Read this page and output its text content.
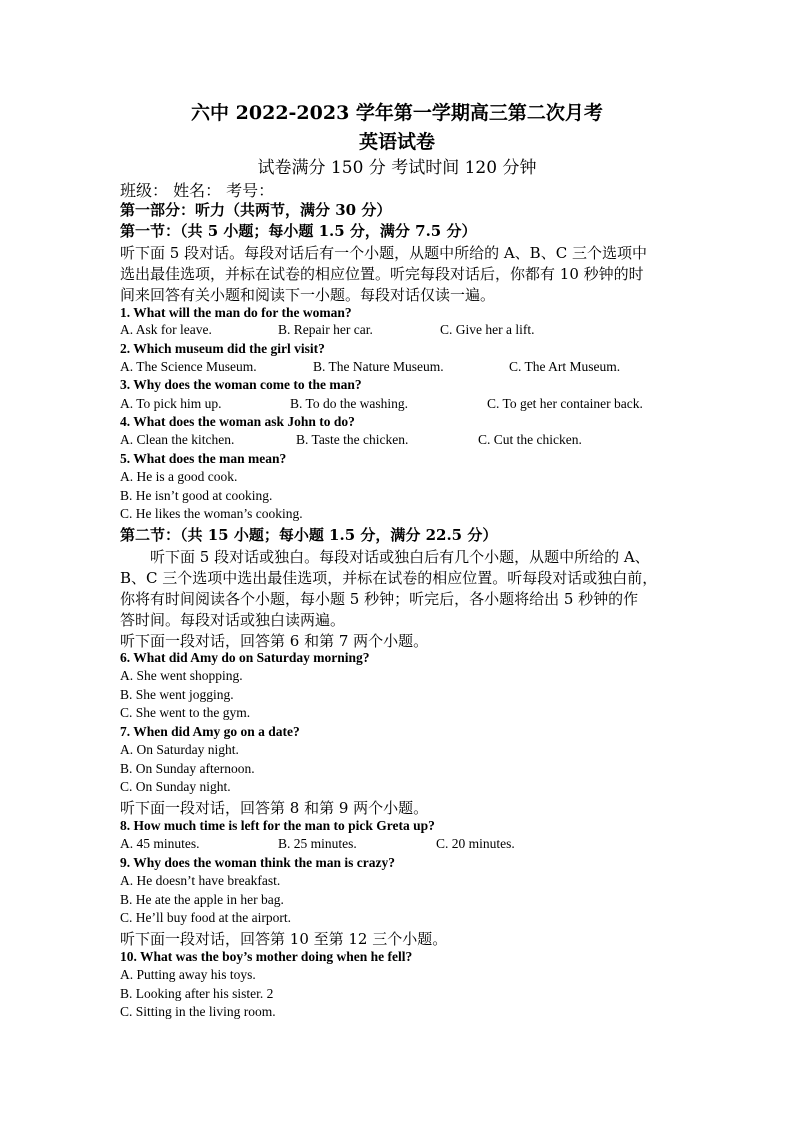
六中 2022-2023 学年第一学期高三第二次月考
英语试卷
试卷满分 150 分 考试时间 120 分钟
班级： 姓名： 考号：
第一部分：听力（共两节，满分 30 分）
第一节：（共 5 小题；每小题 1.5 分，满分 7.5 分）
听下面 5 段对话。每段对话后有一个小题，从题中所给的 A、B、C 三个选项中
选出最佳选项，并标在试卷的相应位置。听完每段对话后，你都有 10 秒钟的时
间来回答有关小题和阅读下一小题。每段对话仅读一遍。
1. What will the man do for the woman?
A. Ask for leave.	B. Repair her car.	C. Give her a lift.
2. Which museum did the girl visit?
A. The Science Museum.	B. The Nature Museum.	C. The Art Museum.
3. Why does the woman come to the man?
A. To pick him up.	B. To do the washing.	C. To get her container back.
4. What does the woman ask John to do?
A. Clean the kitchen.	B. Taste the chicken.	C. Cut the chicken.
5. What does the man mean?
A. He is a good cook.
B. He isn’t good at cooking.
C. He likes the woman’s cooking.
第二节：（共 15 小题；每小题 1.5 分，满分 22.5 分）
听下面 5 段对话或独白。每段对话或独白后有几个小题，从题中所给的 A、
B、C 三个选项中选出最佳选项，并标在试卷的相应位置。听每段对话或独白前，
你将有时间阅读各个小题，每小题 5 秒钟；听完后，各小题将给出 5 秒钟的作
答时间。每段对话或独白读两遍。
听下面一段对话，回答第 6 和第 7 两个小题。
6. What did Amy do on Saturday morning?
A. She went shopping.
B. She went jogging.
C. She went to the gym.
7. When did Amy go on a date?
A. On Saturday night.
B. On Sunday afternoon.
C. On Sunday night.
听下面一段对话，回答第 8 和第 9 两个小题。
8. How much time is left for the man to pick Greta up?
A. 45 minutes.	B. 25 minutes.	C. 20 minutes.
9. Why does the woman think the man is crazy?
A. He doesn’t have breakfast.
B. He ate the apple in her bag.
C. He’ll buy food at the airport.
听下面一段对话，回答第 10 至第 12 三个小题。
10. What was the boy’s mother doing when he fell?
A. Putting away his toys.
B. Looking after his sister. 2
C. Sitting in the living room.
